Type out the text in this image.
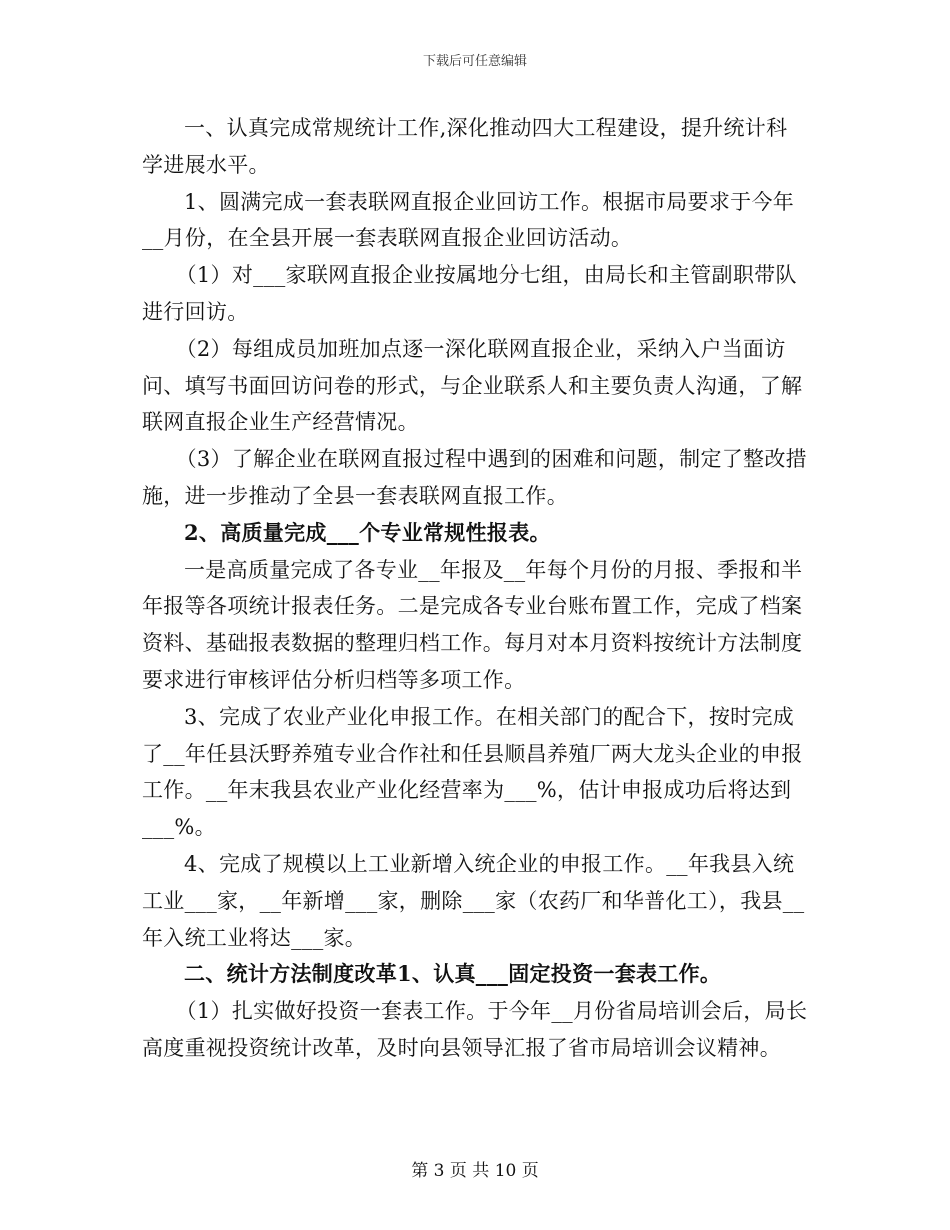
下载后可任意编辑

一、认真完成常规统计工作,深化推动四大工程建设，提升统计科学进展水平。

1、圆满完成一套表联网直报企业回访工作。根据市局要求于今年__月份，在全县开展一套表联网直报企业回访活动。

（1）对___家联网直报企业按属地分七组，由局长和主管副职带队进行回访。

（2）每组成员加班加点逐一深化联网直报企业，采纳入户当面访问、填写书面回访问卷的形式，与企业联系人和主要负责人沟通，了解联网直报企业生产经营情况。

（3）了解企业在联网直报过程中遇到的困难和问题，制定了整改措施，进一步推动了全县一套表联网直报工作。

2、高质量完成___个专业常规性报表。

一是高质量完成了各专业__年报及__年每个月份的月报、季报和半年报等各项统计报表任务。二是完成各专业台账布置工作，完成了档案资料、基础报表数据的整理归档工作。每月对本月资料按统计方法制度要求进行审核评估分析归档等多项工作。

3、完成了农业产业化申报工作。在相关部门的配合下，按时完成了__年任县沃野养殖专业合作社和任县顺昌养殖厂两大龙头企业的申报工作。__年末我县农业产业化经营率为___%，估计申报成功后将达到___%。

4、完成了规模以上工业新增入统企业的申报工作。__年我县入统工业___家，__年新增___家，删除___家（农药厂和华普化工），我县__年入统工业将达___家。

二、统计方法制度改革1、认真___固定投资一套表工作。

（1）扎实做好投资一套表工作。于今年__月份省局培训会后，局长高度重视投资统计改革，及时向县领导汇报了省市局培训会议精神。

第 3 页 共 10 页
